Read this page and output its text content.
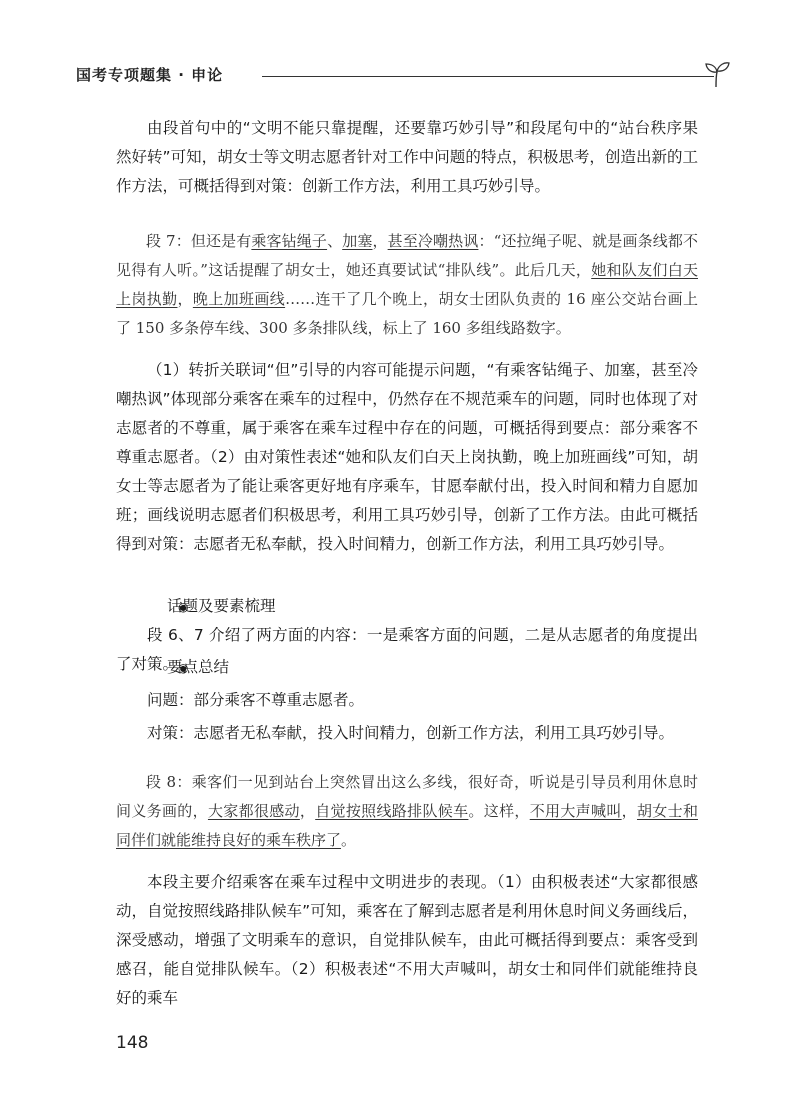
国考专项题集 · 申论

由段首句中的“文明不能只靠提醒，还要靠巧妙引导”和段尾句中的“站台秩序果然好转”可知，胡女士等文明志愿者针对工作中问题的特点，积极思考，创造出新的工作方法，可概括得到对策：创新工作方法，利用工具巧妙引导。

段 7：但还是有乘客钻绳子、加塞，甚至冷嘲热讽：“还拉绳子呢、就是画条线都不见得有人听。”这话提醒了胡女士，她还真要试试“排队线”。此后几天，她和队友们白天上岗执勤，晚上加班画线……连干了几个晚上，胡女士团队负责的 16 座公交站台画上了 150 多条停车线、300 多条排队线，标上了 160 多组线路数字。

（1）转折关联词“但”引导的内容可能提示问题，“有乘客钻绳子、加塞，甚至冷嘲热讽”体现部分乘客在乘车的过程中，仍然存在不规范乘车的问题，同时也体现了对志愿者的不尊重，属于乘客在乘车过程中存在的问题，可概括得到要点：部分乘客不尊重志愿者。（2）由对策性表述“她和队友们白天上岗执勤，晚上加班画线”可知，胡女士等志愿者为了能让乘客更好地有序乘车，甘愿奉献付出，投入时间和精力自愿加班；画线说明志愿者们积极思考，利用工具巧妙引导，创新了工作方法。由此可概括得到对策：志愿者无私奉献，投入时间精力，创新工作方法，利用工具巧妙引导。

◉ 话题及要素梳理

段 6、7 介绍了两方面的内容：一是乘客方面的问题，二是从志愿者的角度提出了对策。

◉ 要点总结

问题：部分乘客不尊重志愿者。

对策：志愿者无私奉献，投入时间精力，创新工作方法，利用工具巧妙引导。

段 8：乘客们一见到站台上突然冒出这么多线，很好奇，听说是引导员利用休息时间义务画的，大家都很感动，自觉按照线路排队候车。这样，不用大声喊叫，胡女士和同伴们就能维持良好的乘车秩序了。

本段主要介绍乘客在乘车过程中文明进步的表现。（1）由积极表述“大家都很感动，自觉按照线路排队候车”可知，乘客在了解到志愿者是利用休息时间义务画线后，深受感动，增强了文明乘车的意识，自觉排队候车，由此可概括得到要点：乘客受到感召，能自觉排队候车。（2）积极表述“不用大声喊叫，胡女士和同伴们就能维持良好的乘车

148
